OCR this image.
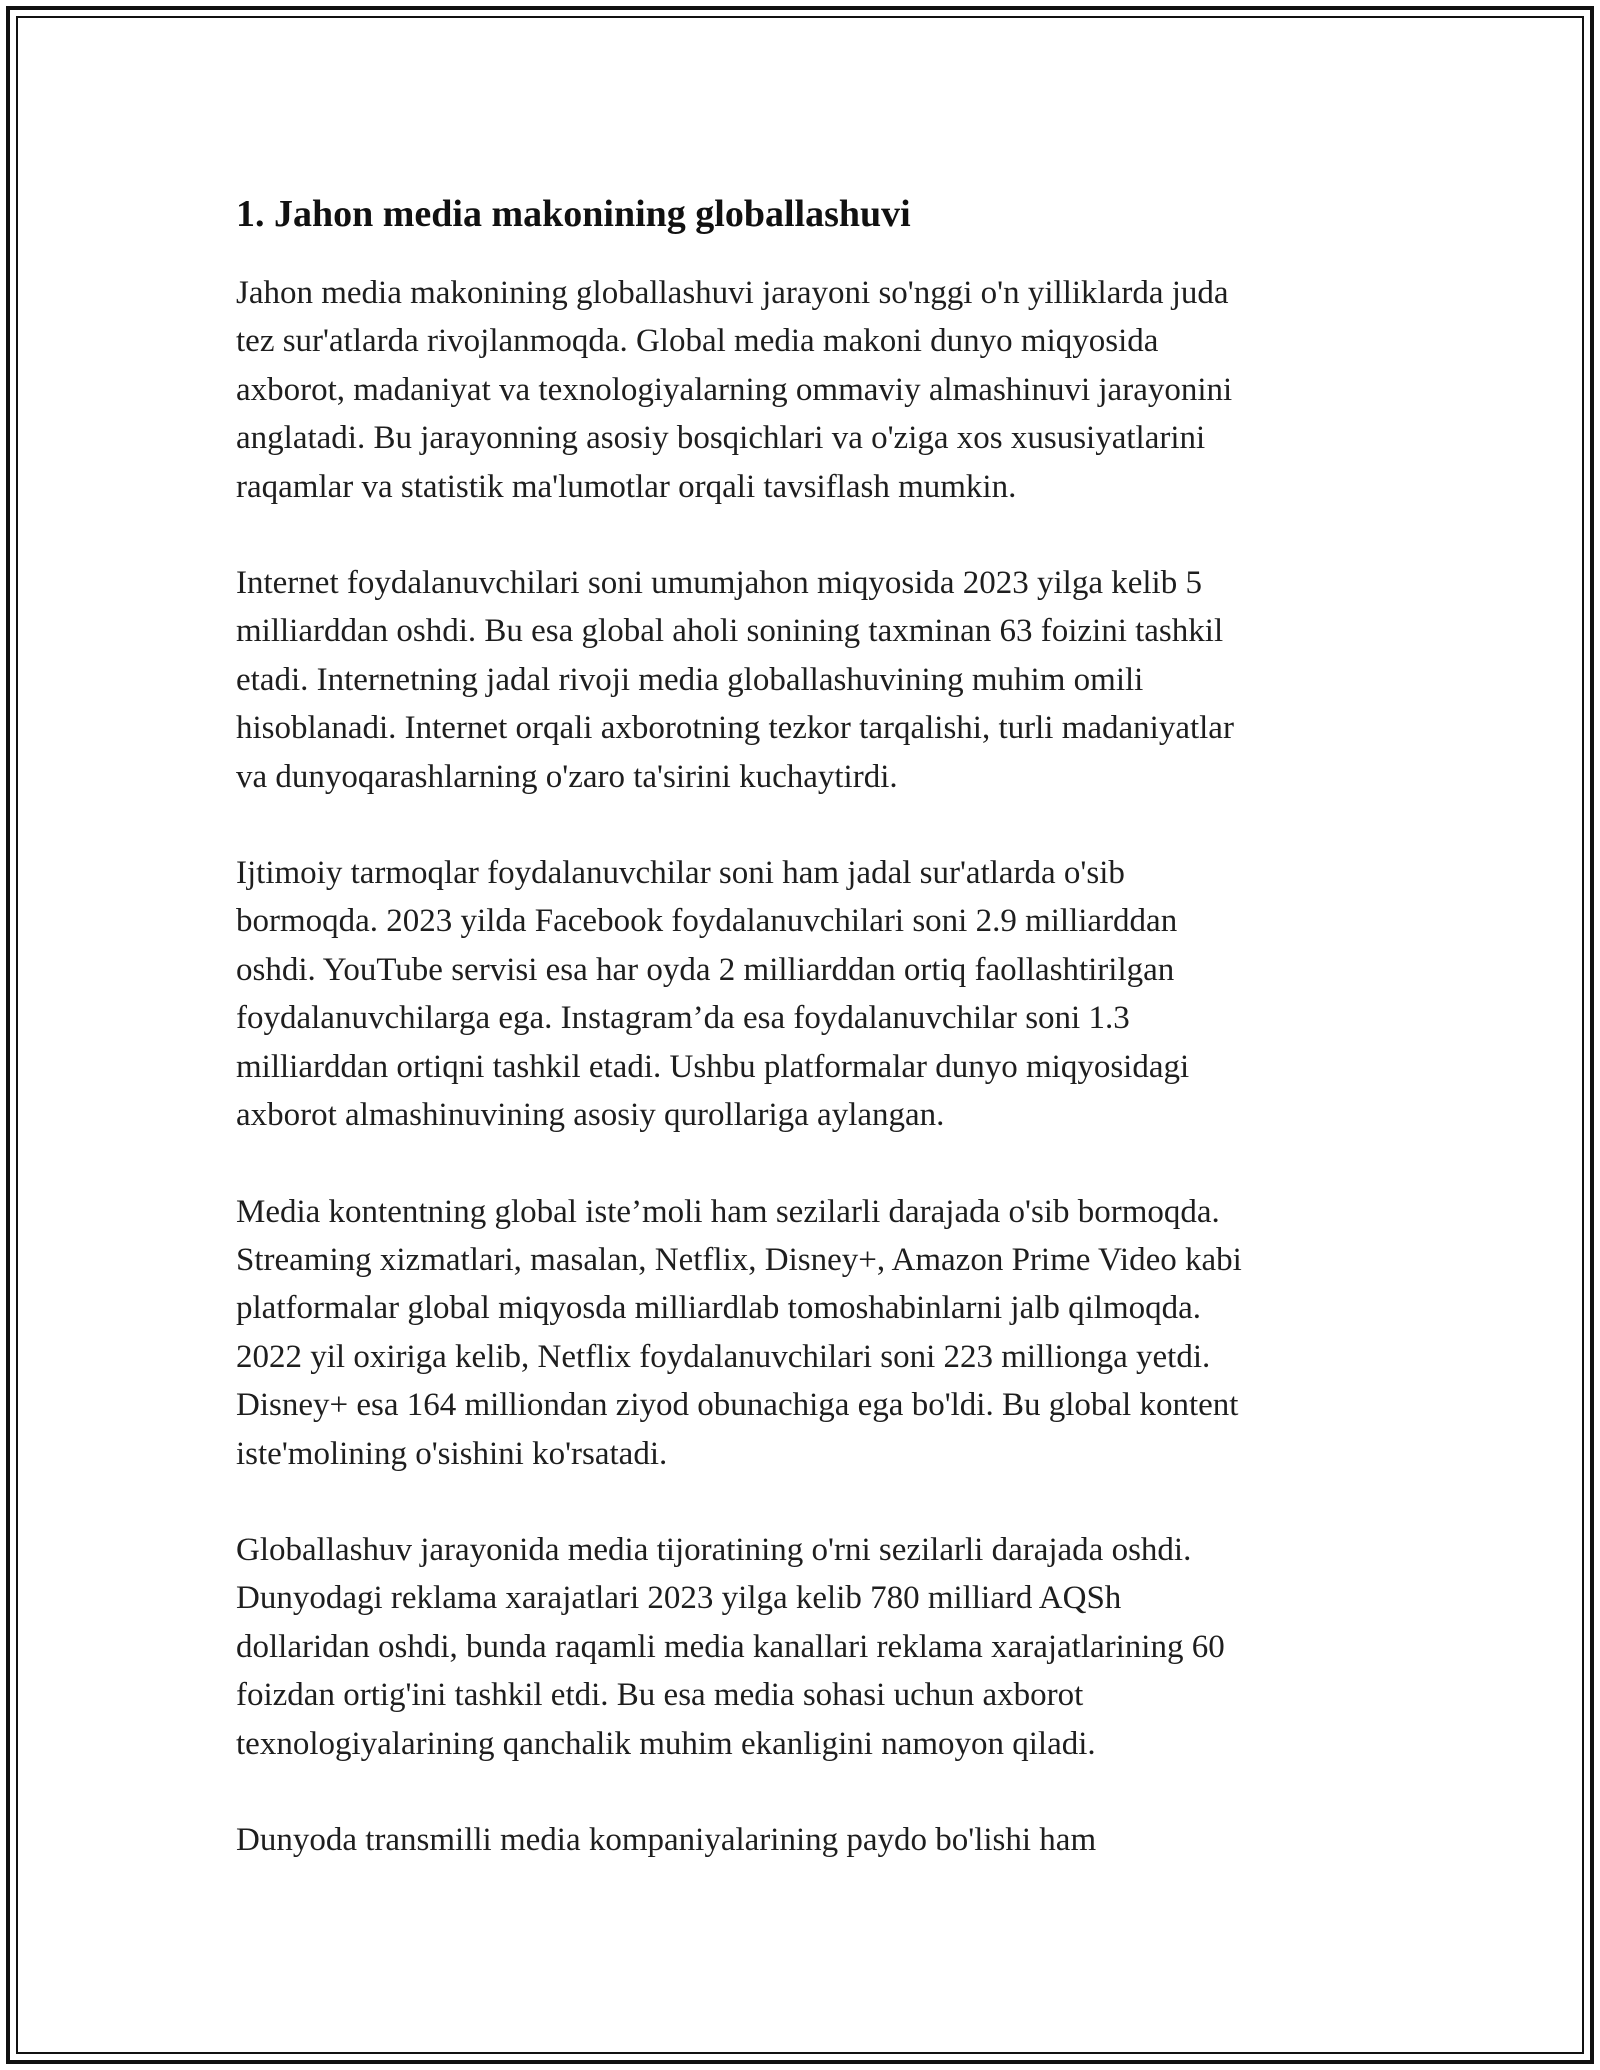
1. Jahon media makonining globallashuvi

Jahon media makonining globallashuvi jarayoni so'nggi o'n yilliklarda juda
tez sur'atlarda rivojlanmoqda. Global media makoni dunyo miqyosida
axborot, madaniyat va texnologiyalarning ommaviy almashinuvi jarayonini
anglatadi. Bu jarayonning asosiy bosqichlari va o'ziga xos xususiyatlarini
raqamlar va statistik ma'lumotlar orqali tavsiflash mumkin.

Internet foydalanuvchilari soni umumjahon miqyosida 2023 yilga kelib 5
milliarddan oshdi. Bu esa global aholi sonining taxminan 63 foizini tashkil
etadi. Internetning jadal rivoji media globallashuvining muhim omili
hisoblanadi. Internet orqali axborotning tezkor tarqalishi, turli madaniyatlar
va dunyoqarashlarning o'zaro ta'sirini kuchaytirdi.

Ijtimoiy tarmoqlar foydalanuvchilar soni ham jadal sur'atlarda o'sib
bormoqda. 2023 yilda Facebook foydalanuvchilari soni 2.9 milliarddan
oshdi. YouTube servisi esa har oyda 2 milliarddan ortiq faollashtirilgan
foydalanuvchilarga ega. Instagram’da esa foydalanuvchilar soni 1.3
milliarddan ortiqni tashkil etadi. Ushbu platformalar dunyo miqyosidagi
axborot almashinuvining asosiy qurollariga aylangan.

Media kontentning global iste’moli ham sezilarli darajada o'sib bormoqda.
Streaming xizmatlari, masalan, Netflix, Disney+, Amazon Prime Video kabi
platformalar global miqyosda milliardlab tomoshabinlarni jalb qilmoqda.
2022 yil oxiriga kelib, Netflix foydalanuvchilari soni 223 millionga yetdi.
Disney+ esa 164 milliondan ziyod obunachiga ega bo'ldi. Bu global kontent
iste'molining o'sishini ko'rsatadi.

Globallashuv jarayonida media tijoratining o'rni sezilarli darajada oshdi.
Dunyodagi reklama xarajatlari 2023 yilga kelib 780 milliard AQSh
dollaridan oshdi, bunda raqamli media kanallari reklama xarajatlarining 60
foizdan ortig'ini tashkil etdi. Bu esa media sohasi uchun axborot
texnologiyalarining qanchalik muhim ekanligini namoyon qiladi.

Dunyoda transmilli media kompaniyalarining paydo bo'lishi ham
